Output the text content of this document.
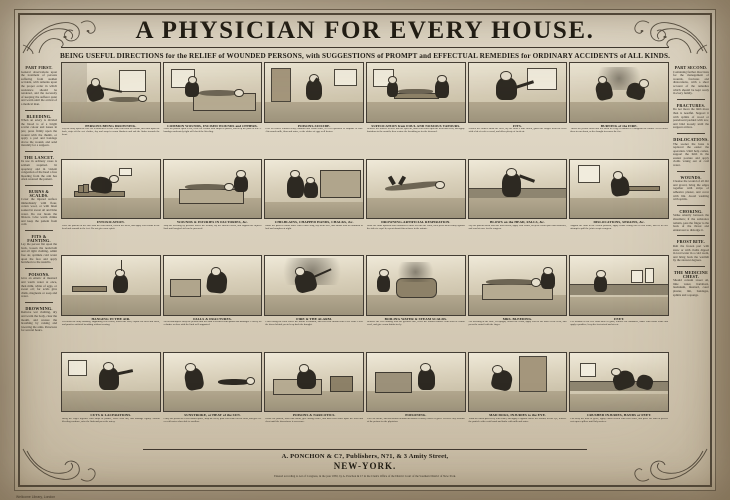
A PHYSICIAN FOR EVERY HOUSE.
BEING USEFUL DIRECTIONS for the RELIEF of WOUNDED PERSONS, with SUGGESTIONS of PROMPT and EFFECTUAL REMEDIES for ORDINARY ACCIDENTS of ALL KINDS.
PART FIRST.
General observations upon the treatment of persons suffering from sudden accident, with remarks upon the proper order in which assistance should be rendered, and the necessity of keeping the sufferer quiet and warm until the arrival of a medical man.
BLEEDING.
When an artery is divided the blood is of a bright scarlet colour and issues in jets; press firmly upon the wound with the thumb, or apply a pad and bandage above the wound, and send instantly for a surgeon.
THE LANCET.
Its use in ordinary cases is seldom required. In apoplexy and in violent congestion of the head a free bleeding from the arm has often restored the patient.
BURNS & SCALDS.
Cover the injured surface immediately with flour, cotton wool, or with linen soaked in sweet oil and lime water. Do not break the blisters. Give warm drinks and keep the patient from cold.
FITS & FAINTING.
Lay the person flat upon the back, loosen the neckcloth and all tight clothing, admit free air, sprinkle cold water upon the face and apply hartshorn to the nostrils.
POISONS.
Give an emetic of mustard and warm water at once, then milk, white of eggs, or sweet oil; for acids give chalk, magnesia or soap and water.
DROWNING.
Remove wet clothing, dry and warm the body, clear the mouth, and restore the breathing by raising and lowering the arms. Persevere for several hours.
PART SECOND.
Containing further directions for the management of wounds, fractures and dislocations, with a short account of the remedies which should be kept ready in every family.
FRACTURES.
Do not move the limb more than is needful. Support it with splints of wood or pasteboard padded with tow, and bind loosely until the surgeon arrives.
DISLOCATIONS.
The sooner the bone is replaced the easier the operation. Until help comes, support the limb in the easiest posture and apply cloths wrung out of cold water.
WOUNDS.
Cleanse the wound of all dirt and gravel, bring the edges together with strips of adhesive plaster, and cover with lint. Avoid washing with spirits.
CHOKING.
Strike smartly between the shoulders; if the substance remain, pass the finger to the back of the throat and endeavour to dislodge it.
FROST BITE.
Rub the frozen part with snow or with cloths dipped in iced water in a cold room, and bring back the warmth by the slowest degrees.
THE MEDICINE CHEST.
Should contain sweet oil, lime water, hartshorn, laudanum, mustard, court plaster, lint, bandages, splints and a sponge.
PERSONS BEING DROWNING.
Lay the body upon the face for a moment to let the water run from the mouth, then turn upon the back, strip off the wet clothes, dry and wrap in warm blankets and rub the limbs towards the heart.
COMMON WOUNDS, INCISED WOUNDS and OTHERS.
Place the patient upon a bed, close the wound with straps of plaster, and keep the parts at rest. A bandage moderately tight will check the bleeding.
POISONS-SUICIDE.
Give an emetic without delay; mustard and warm water, or a tea spoonful of sulphate of zinc. Afterwards milk, flour and water, or the whites of eggs well beaten.
SUFFOCATION from FOUL AND NOXIOUS VAPOURS.
Remove the sufferer at once into the open air, dash cold water upon the head and chest, and apply hartshorn to the nostrils; then restore the breathing as for the drowned.
FITS.
Loosen the clothes about the neck, lay the head a little raised, guard the tongue from the teeth with a bit of cork or wood, and allow plenty of fresh air.
BURNING of the FIRE.
Throw the person down and roll them in a rug or blanket to extinguish the flames. Never allow them to run about, as the draught increases the fire.
INTOXICATION.
Place the patient on the side with the head raised, loosen the dress, and apply cold cloths to the head and warmth to the feet. Do not give more spirit.
WOUNDS & INJURIES IN FACTORIES, &c.
Stop the bleeding by pressure above the wound, lay the sufferer down, and support the injured limb until surgical aid can be procured.
CHILBLAINS, CHAPPED HANDS, CHALKS, &c.
Bathe the parts in warm water with a little soap, dry them well, and anoint with an ointment of lard and camphor at night.
DROWNING-ARTIFICIAL RESPIRATION.
Raise the arms upwards and outwards to draw air into the chest, then press them firmly against the sides to expel it; repeat about fifteen times in the minute.
BLOWS on the HEAD, FALLS, &c.
Lay the patient down with the head raised, apply cold cloths, keep the room quiet and darkened, and send at once for the surgeon.
DISLOCATIONS, SPRAINS, &c.
Support the limb in the easiest position, apply cloths wrung out of cold water, and let no one attempt to pull the joint except a surgeon.
HANGING IN THE AIR.
Cut down the body instantly, supporting it as it falls, loosen the cord, expose the neck and chest, and practise artificial breathing without ceasing.
FALLS & FRACTURES.
Do not attempt to carry the person until the limb is secured with splints and bandages. Convey on a shutter or door with the limb well supported.
FIRE & THE ALARM.
Crawl along the floor where the smoke is thinnest, and cover the mouth with a wet cloth. Close the doors behind you to keep back the draught.
BOILING WATER & STEAM SCALDS.
Remove the wet clothing with the greatest care, cover the scalded surface with flour or cotton wool, and give warm drinks freely.
MRS. BLEEDING.
For bleeding at the nose, sit upright, loosen the collar, apply cold to the back of the neck, and press the nostril with the finger.
FEET.
For wounds of the feet from nails or glass, remove the substance, bathe with warm water and apply a poultice; keep the foot raised and at rest.
CUTS & LACERATIONS.
Bring the edges together with strips of plaster, cover with lint, and bandage lightly. Should bleeding continue, raise the limb and press the artery.
SUNSTROKE, or HEAT of the SUN.
Carry the person to a cool shaded place, strip the chest, pour cold water on the head, and give ice or cold water when able to swallow.
POISONS & NARCOTICS.
Rouse the patient, walk him about, give strong coffee, and dash cold water upon the head and chest until the drowsiness is overcome.
POISONING.
Give an emetic, and afterwards demulcent drinks of barley water or gruel. Preserve any remains of the poison for the physician.
MAD DOGS, INJURIES to the EYE.
Wash the bitten part freely with water, and apply a ligature above the wound; for the eye, remove the particle with a soft brush and bathe with milk and water.
CRUSHED INJURIES, HANDS or FEET.
Cut away the boot or glove, apply cloths wetted with cold water, and place the limb at perfect rest upon a pillow until help arrives.
A. PONCHON & C?, Publishers, N?1, & 3 Amity Street,
NEW-YORK.
Entered according to Act of Congress, in the year 1850, by A. Ponchon & C? in the Clerk's Office of the District Court of the Southern District of New-York.
Wellcome Library, London
